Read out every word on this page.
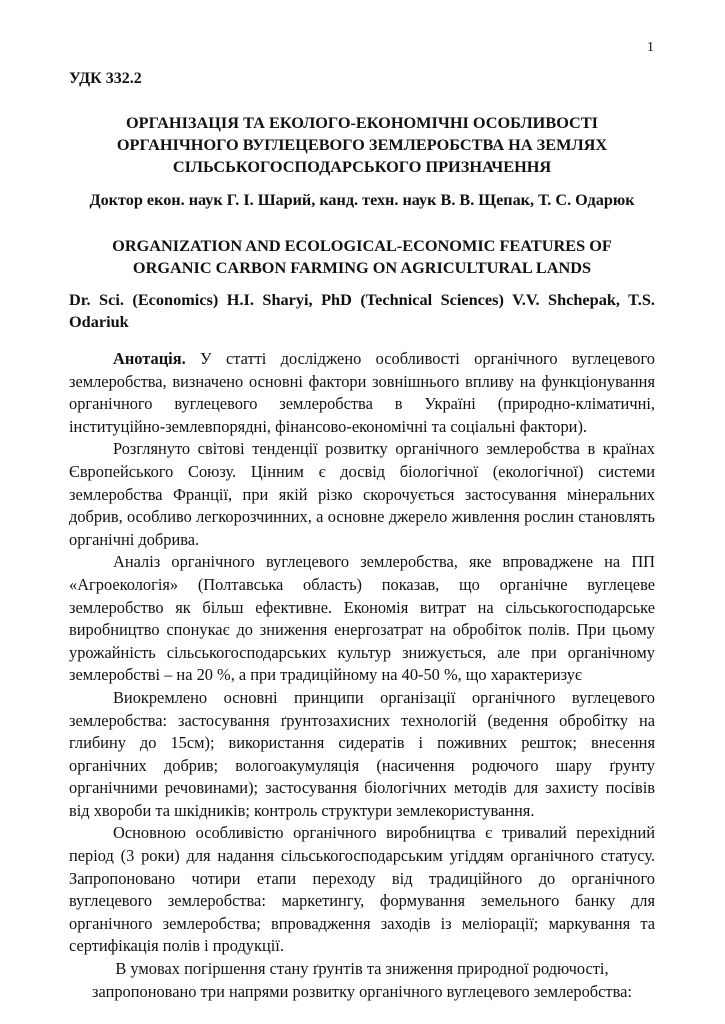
1
УДК 332.2
ОРГАНІЗАЦІЯ ТА ЕКОЛОГО-ЕКОНОМІЧНІ ОСОБЛИВОСТІ
ОРГАНІЧНОГО ВУГЛЕЦЕВОГО ЗЕМЛЕРОБСТВА НА ЗЕМЛЯХ
СІЛЬСЬКОГОСПОДАРСЬКОГО ПРИЗНАЧЕННЯ
Доктор екон. наук Г. І. Шарий, канд. техн. наук В. В. Щепак, Т. С. Одарюк
ORGANIZATION AND ECOLOGICAL-ECONOMIC FEATURES OF
ORGANIC CARBON FARMING ON AGRICULTURAL LANDS
Dr. Sci. (Economics) H.I. Sharyi, PhD (Technical Sciences) V.V. Shchepak, T.S. Odariuk

Анотація. У статті досліджено особливості органічного вуглецевого землеробства, визначено основні фактори зовнішнього впливу на функціонування органічного вуглецевого землеробства в Україні (природно-кліматичні, інституційно-землевпорядні, фінансово-економічні та соціальні фактори).

Розглянуто світові тенденції розвитку органічного землеробства в країнах Європейського Союзу. Цінним є досвід біологічної (екологічної) системи землеробства Франції, при якій різко скорочується застосування мінеральних добрив, особливо легкорозчинних, а основне джерело живлення рослин становлять органічні добрива.

Аналіз органічного вуглецевого землеробства, яке впроваджене на ПП «Агроекологія» (Полтавська область) показав, що органічне вуглецеве землеробство як більш ефективне. Економія витрат на сільськогосподарське виробництво спонукає до зниження енергозатрат на обробіток полів. При цьому урожайність сільськогосподарських культур знижується, але при органічному землеробстві – на 20 %, а при традиційному на 40-50 %, що характеризує

Виокремлено основні принципи організації органічного вуглецевого землеробства: застосування ґрунтозахисних технологій (ведення обробітку на глибину до 15см); використання сидератів і поживних решток; внесення органічних добрив; вологоакумуляція (насичення родючого шару ґрунту органічними речовинами); застосування біологічних методів для захисту посівів від хвороби та шкідників; контроль структури землекористування.

Основною особливістю органічного виробництва є тривалий перехідний період (3 роки) для надання сільськогосподарським угіддям органічного статусу. Запропоновано чотири етапи переходу від традиційного до органічного вуглецевого землеробства: маркетингу, формування земельного банку для органічного землеробства; впровадження заходів із меліорації; маркування та сертифікація полів і продукції.

В умовах погіршення стану ґрунтів та зниження природної родючості, запропоновано три напрями розвитку органічного вуглецевого землеробства:
